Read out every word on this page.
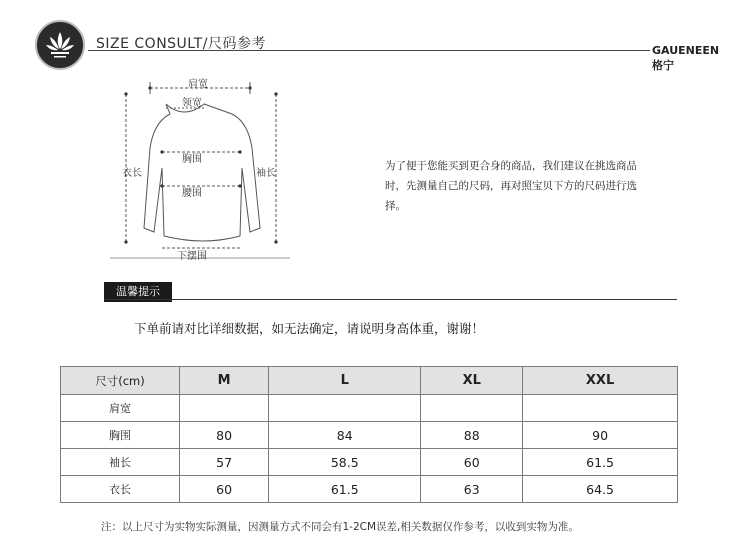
SIZE CONSULT/尺码参考	GAUENEEN 格宁
肩宽
领宽
胸围
腰围
衣长	袖长
下摆围
为了便于您能买到更合身的商品，我们建议在挑选商品时，先测量自己的尺码，再对照宝贝下方的尺码进行选择。
温馨提示
下单前请对比详细数据，如无法确定，请说明身高体重，谢谢！
尺寸(cm)	M	L	XL	XXL
肩宽				
胸围	80	84	88	90
袖长	57	58.5	60	61.5
衣长	60	61.5	63	64.5
注：以上尺寸为实物实际测量，因测量方式不同会有1-2CM误差,相关数据仅作参考，以收到实物为准。
